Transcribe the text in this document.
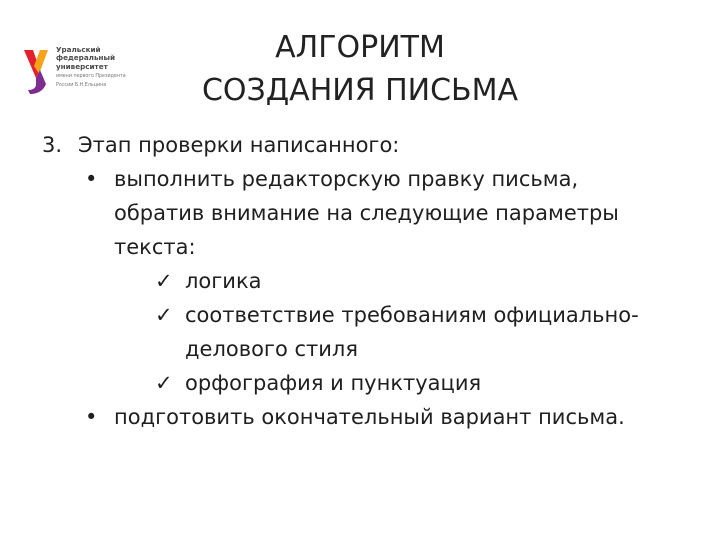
Уральский
федеральный
университет
имени первого Президента
России Б.Н.Ельцина
АЛГОРИТМ
СОЗДАНИЯ ПИСЬМА
3. Этап проверки написанного:
• выполнить редакторскую правку письма,
обратив внимание на следующие параметры
текста:
✓ логика
✓ соответствие требованиям официально-
делового стиля
✓ орфография и пунктуация
• подготовить окончательный вариант письма.
